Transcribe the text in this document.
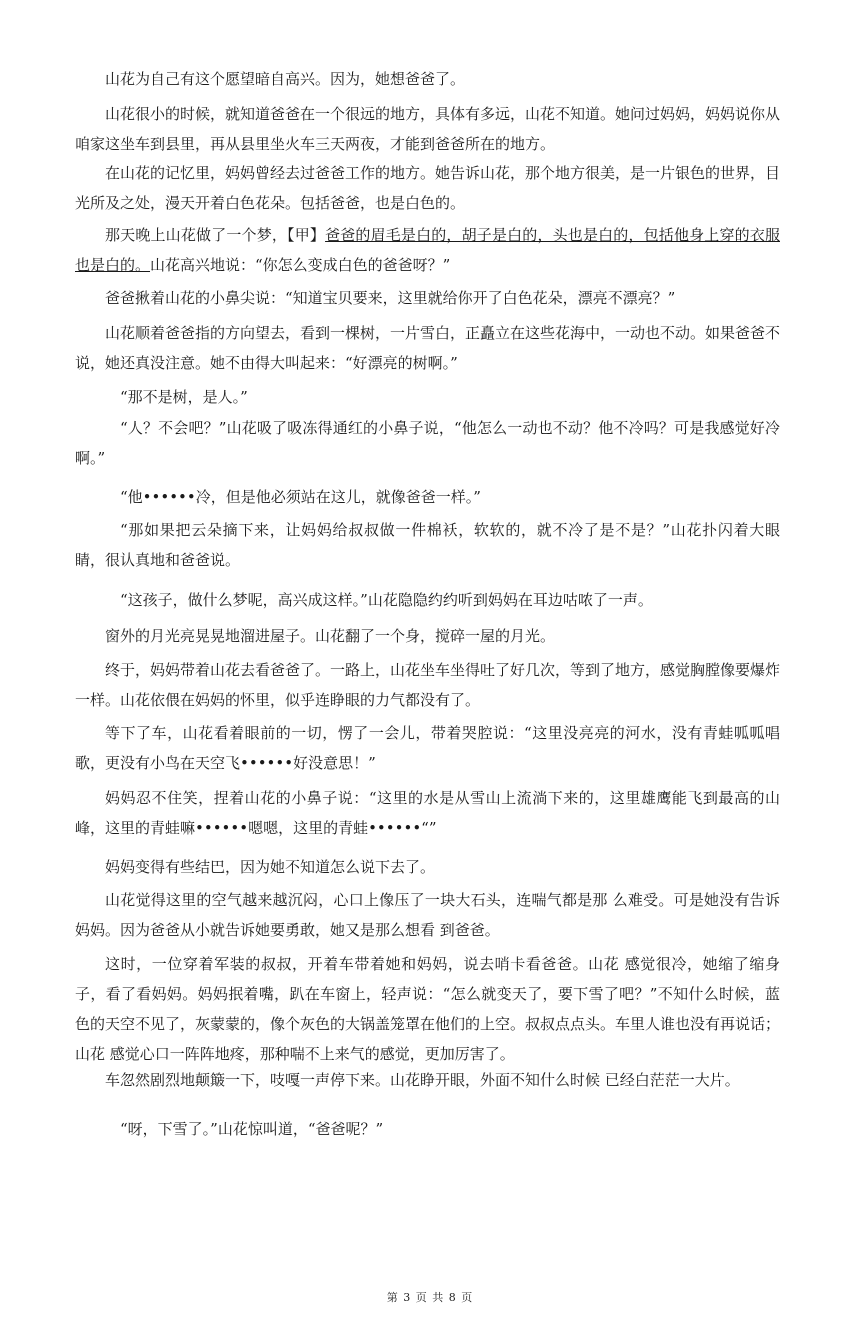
山花为自己有这个愿望暗自高兴。因为，她想爸爸了。

山花很小的时候，就知道爸爸在一个很远的地方，具体有多远，山花不知道。她问过妈妈，妈妈说你从咱家这坐车到县里，再从县里坐火车三天两夜，才能到爸爸所在的地方。

在山花的记忆里，妈妈曾经去过爸爸工作的地方。她告诉山花，那个地方很美，是一片银色的世界，目光所及之处，漫天开着白色花朵。包括爸爸，也是白色的。

那天晚上山花做了一个梦，【甲】爸爸的眉毛是白的，胡子是白的，头也是白的，包括他身上穿的衣服也是白的。山花高兴地说：“你怎么变成白色的爸爸呀？”

爸爸揪着山花的小鼻尖说：“知道宝贝要来，这里就给你开了白色花朵，漂亮不漂亮？”

山花顺着爸爸指的方向望去，看到一棵树，一片雪白，正矗立在这些花海中，一动也不动。如果爸爸不说，她还真没注意。她不由得大叫起来：“好漂亮的树啊。”

“那不是树，是人。”

“人？不会吧？”山花吸了吸冻得通红的小鼻子说，“他怎么一动也不动？他不冷吗？可是我感觉好冷啊。”

“他••••••冷，但是他必须站在这儿，就像爸爸一样。”

“那如果把云朵摘下来，让妈妈给叔叔做一件棉袄，软软的，就不冷了是不是？”山花扑闪着大眼睛，很认真地和爸爸说。

“这孩子，做什么梦呢，高兴成这样。”山花隐隐约约听到妈妈在耳边咕哝了一声。

窗外的月光亮晃晃地溜进屋子。山花翻了一个身，搅碎一屋的月光。

终于，妈妈带着山花去看爸爸了。一路上，山花坐车坐得吐了好几次，等到了地方，感觉胸膛像要爆炸一样。山花依偎在妈妈的怀里，似乎连睁眼的力气都没有了。

等下了车，山花看着眼前的一切，愣了一会儿，带着哭腔说：“这里没亮亮的河水，没有青蛙呱呱唱歌，更没有小鸟在天空飞••••••好没意思！”

妈妈忍不住笑，捏着山花的小鼻子说：“这里的水是从雪山上流淌下来的，这里雄鹰能飞到最高的山峰，这里的青蛙嘛••••••嗯嗯，这里的青蛙••••••“”

妈妈变得有些结巴，因为她不知道怎么说下去了。

山花觉得这里的空气越来越沉闷，心口上像压了一块大石头，连喘气都是那 么难受。可是她没有告诉妈妈。因为爸爸从小就告诉她要勇敢，她又是那么想看 到爸爸。

这时，一位穿着军装的叔叔，开着车带着她和妈妈，说去哨卡看爸爸。山花 感觉很冷，她缩了缩身子，看了看妈妈。妈妈抿着嘴，趴在车窗上，轻声说：“怎么就变天了，要下雪了吧？”不知什么时候，蓝色的天空不见了，灰蒙蒙的，像个灰色的大锅盖笼罩在他们的上空。叔叔点点头。车里人谁也没有再说话；山花 感觉心口一阵阵地疼，那种喘不上来气的感觉，更加厉害了。

车忽然剧烈地颠簸一下，吱嘎一声停下来。山花睁开眼，外面不知什么时候 已经白茫茫一大片。

“呀，下雪了。”山花惊叫道，“爸爸呢？”

第 3 页 共 8 页
